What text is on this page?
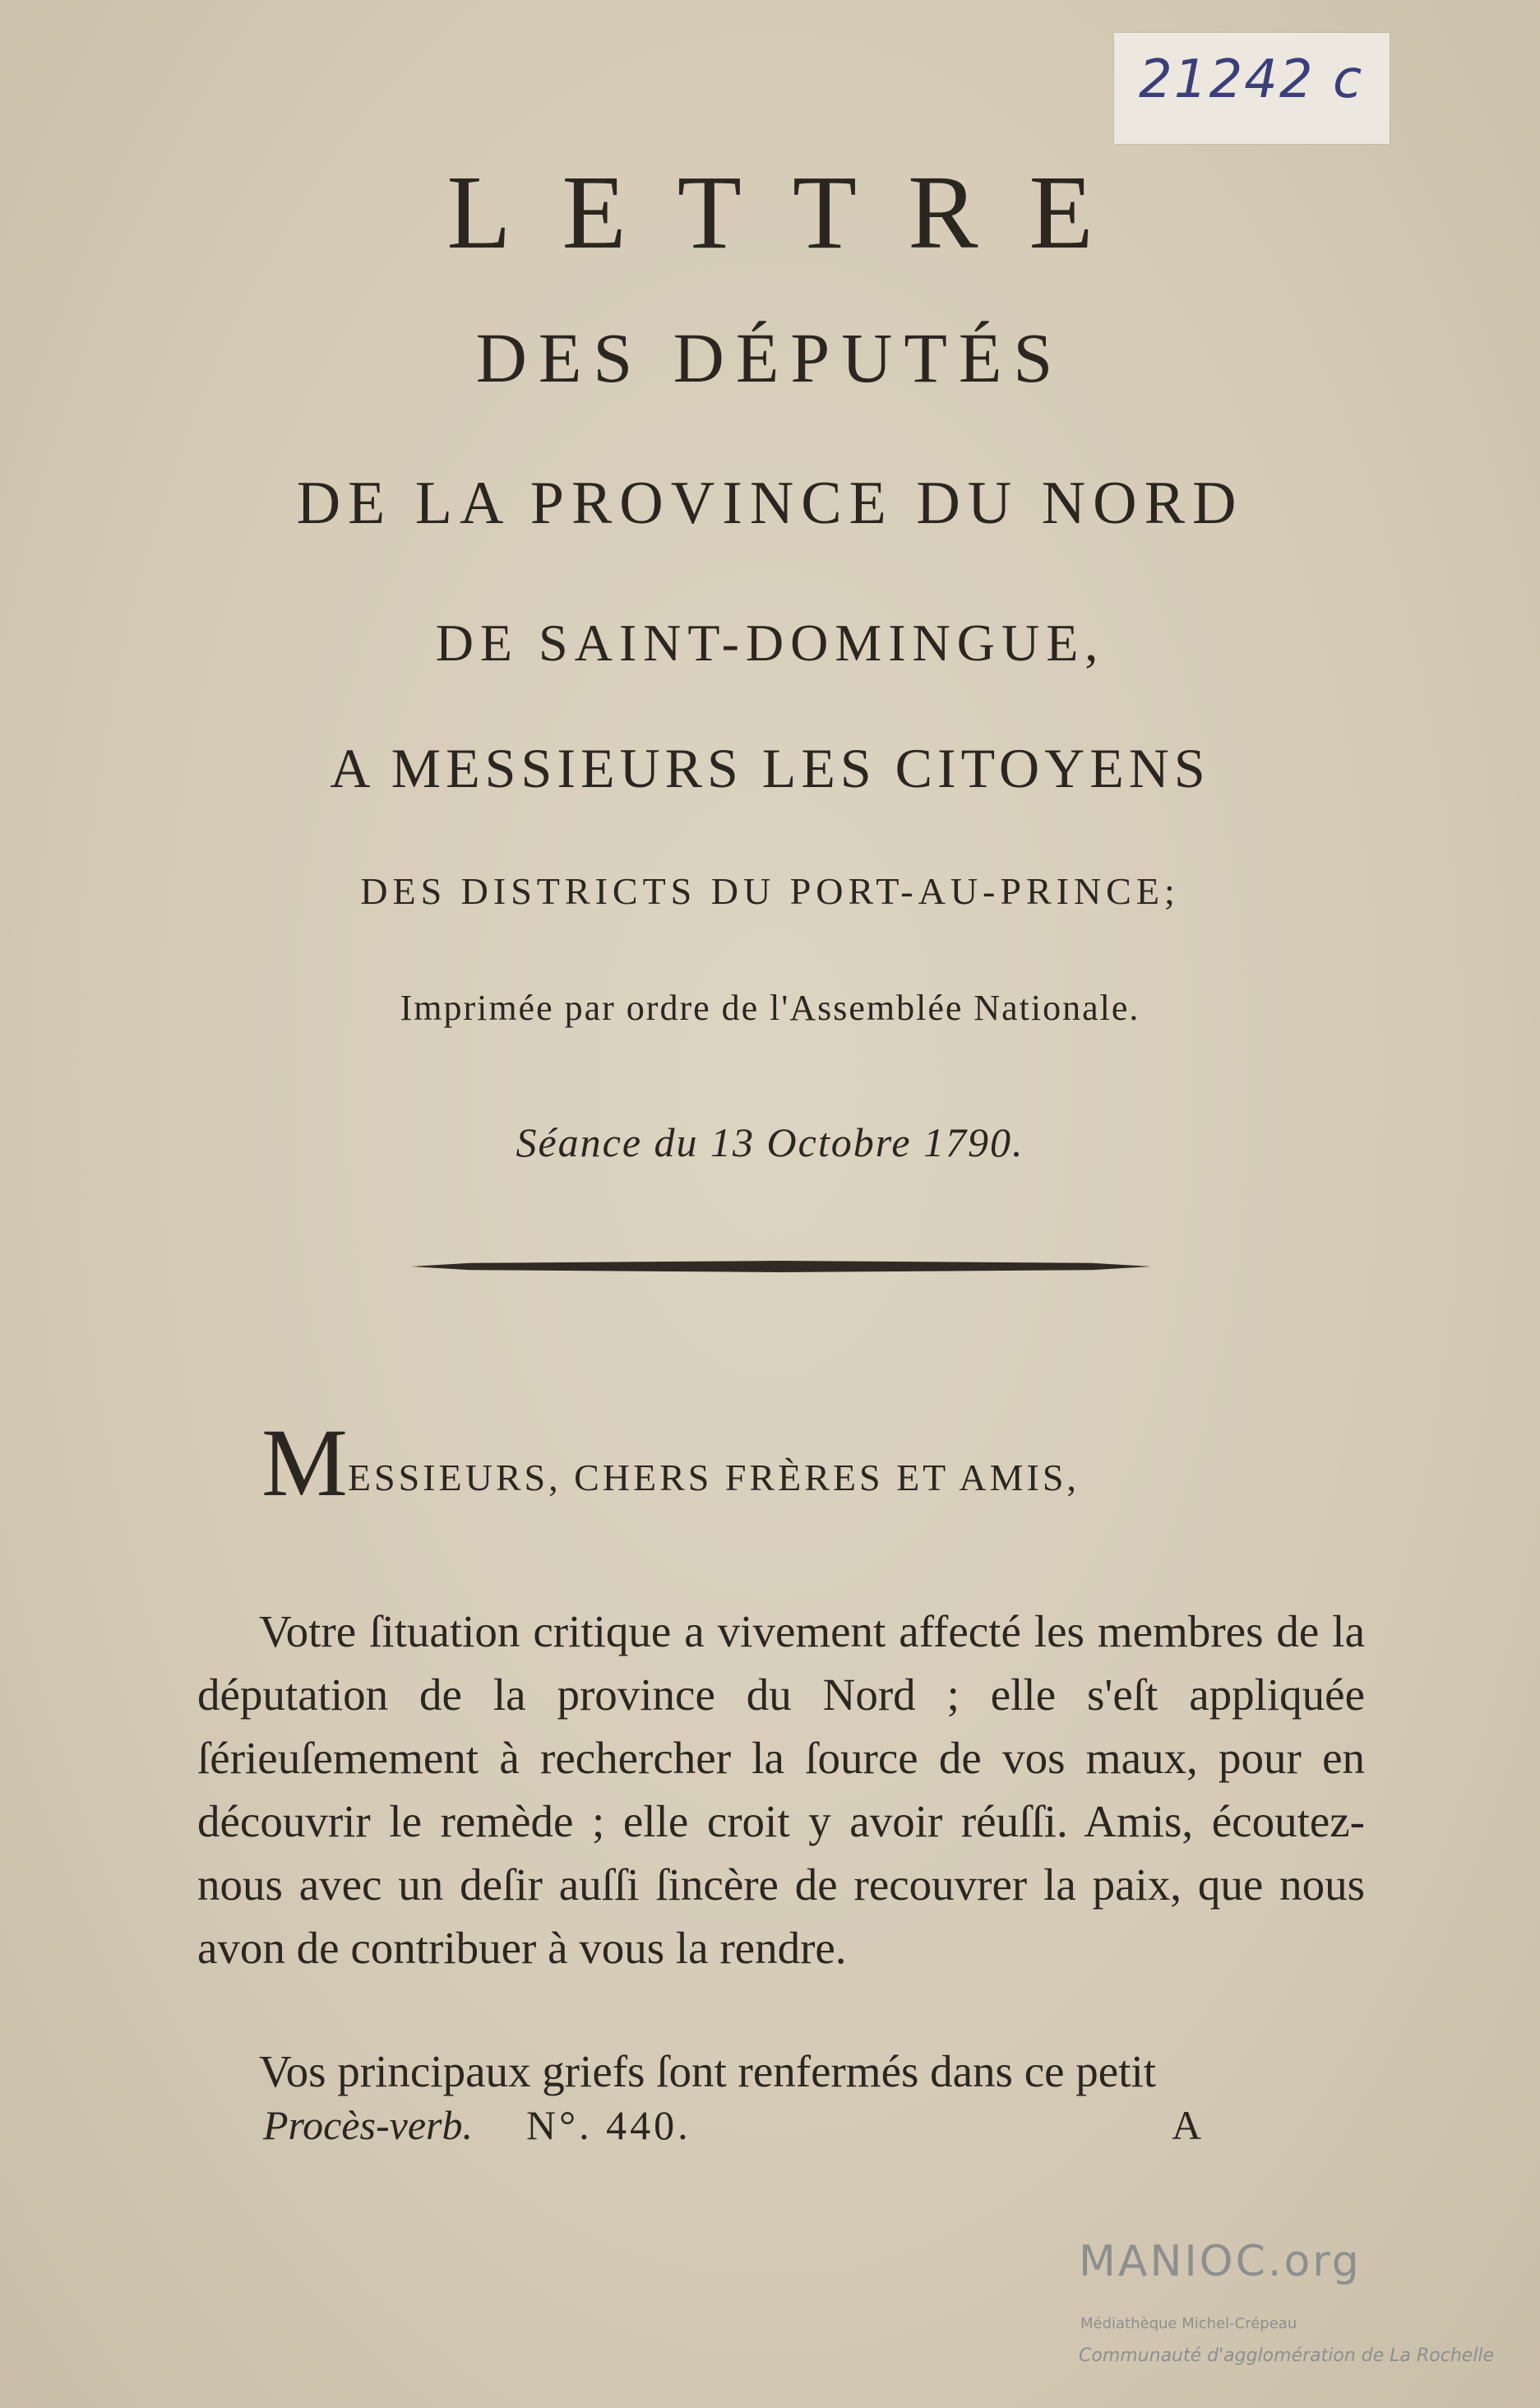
21242 c
LETTRE
DES DÉPUTÉS
DE LA PROVINCE DU NORD
DE SAINT-DOMINGUE,
A MESSIEURS LES CITOYENS
DES DISTRICTS DU PORT-AU-PRINCE;
Imprimée par ordre de l'Assemblée Nationale.
Séance du 13 Octobre 1790.
MESSIEURS, CHERS FRÈRES ET AMIS,
Votre ſituation critique a vivement affecté les membres de la députation de la province du Nord ; elle s'eſt appliquée ſérieuſemement à rechercher la ſource de vos maux, pour en découvrir le remède ; elle croit y avoir réuſſi. Amis, écoutez-nous avec un deſir auſſi ſincère de recouvrer la paix, que nous avon de contribuer à vous la rendre.
Vos principaux griefs ſont renfermés dans ce petit
Procès-verb. N°. 440.	A
MANIOC.org
Médiathèque Michel-Crépeau
Communauté d'agglomération de La Rochelle
